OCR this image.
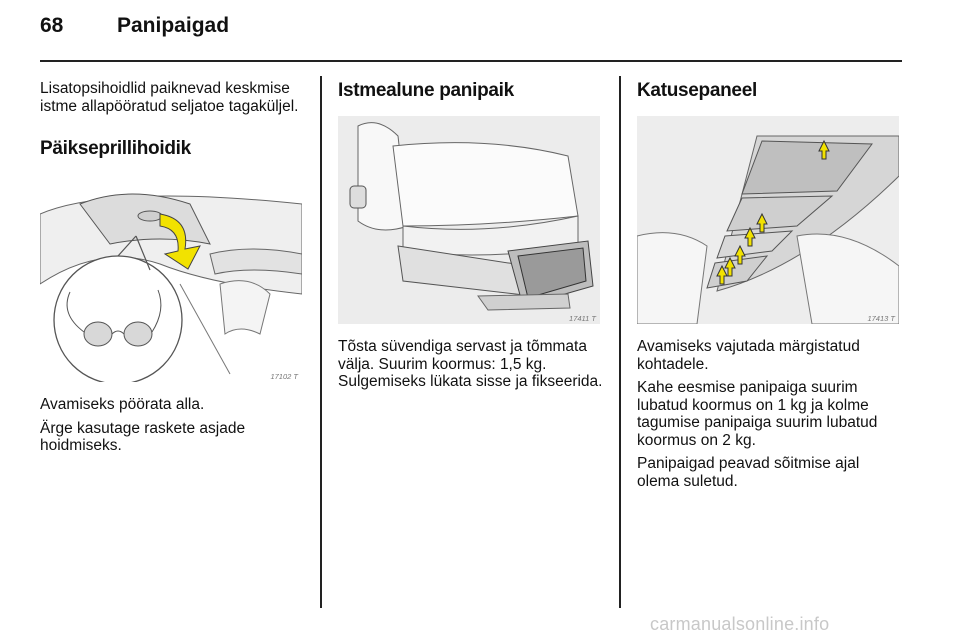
68	Panipaigad

Lisatopsihoidlid paiknevad keskmise istme allapööratud seljatoe tagaküljel.

Päikseprillihoidik
17102 T

Avamiseks pöörata alla.

Ärge kasutage raskete asjade hoidmiseks.

Istmealune panipaik
17411 T

Tõsta süvendiga servast ja tõmmata välja. Suurim koormus: 1,5 kg. Sulgemiseks lükata sisse ja fikseerida.

Katusepaneel
17413 T

Avamiseks vajutada märgistatud kohtadele.

Kahe eesmise panipaiga suurim lubatud koormus on 1 kg ja kolme tagumise panipaiga suurim lubatud koormus on 2 kg.

Panipaigad peavad sõitmise ajal olema suletud.

carmanualsonline.info
